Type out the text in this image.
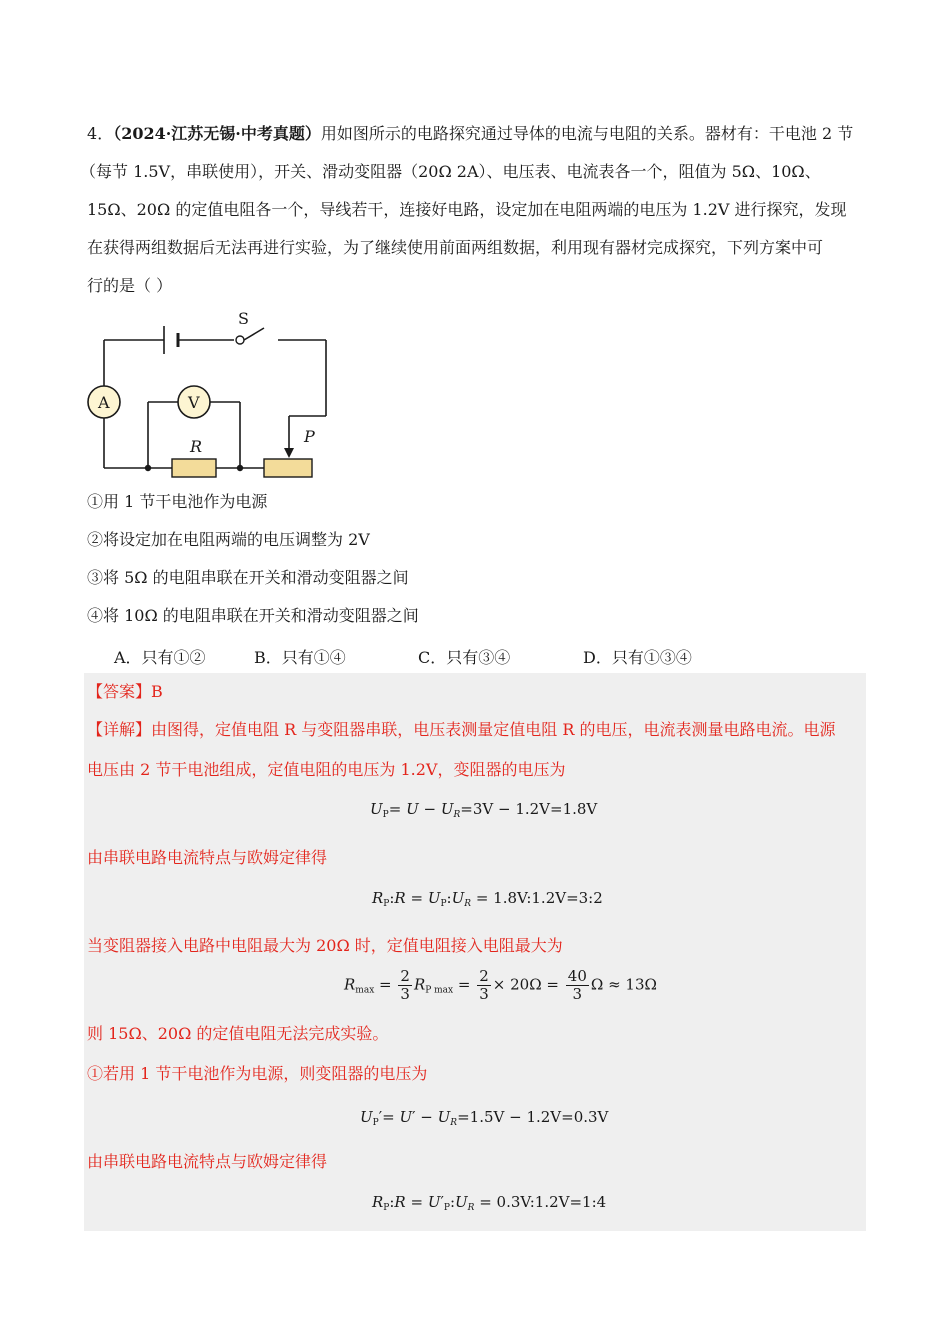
4．（2024·江苏无锡·中考真题）用如图所示的电路探究通过导体的电流与电阻的关系。器材有：干电池 2 节
（每节 1.5V，串联使用），开关、滑动变阻器（20Ω 2A）、电压表、电流表各一个，阻值为 5Ω、10Ω、
15Ω、20Ω 的定值电阻各一个，导线若干，连接好电路，设定加在电阻两端的电压为 1.2V 进行探究，发现
在获得两组数据后无法再进行实验，为了继续使用前面两组数据，利用现有器材完成探究，下列方案中可
行的是（ ）
S
A	V
R
P
①用 1 节干电池作为电源
②将设定加在电阻两端的电压调整为 2V
③将 5Ω 的电阻串联在开关和滑动变阻器之间
④将 10Ω 的电阻串联在开关和滑动变阻器之间
A．只有①②	B．只有①④	C．只有③④	D．只有①③④
【答案】B
【详解】由图得，定值电阻 R 与变阻器串联，电压表测量定值电阻 R 的电压，电流表测量电路电流。电源
电压由 2 节干电池组成，定值电阻的电压为 1.2V，变阻器的电压为
$U_P= U - U_R=3V - 1.2V=1.8V$
由串联电路电流特点与欧姆定律得
$R_P:R$ = $U_P:U_R$ = 1.8V:1.2V=3:2
当变阻器接入电路中电阻最大为 20Ω 时，定值电阻接入电阻最大为
$R_{max} = \frac{2}{3} R_{P max} = \frac{2}{3} \times 20\Omega = \frac{40}{3}$ Ω ≈ 13Ω
则 15Ω、20Ω 的定值电阻无法完成实验。
①若用 1 节干电池作为电源，则变阻器的电压为
$U_P'= U' - U_R=1.5V - 1.2V=0.3V$
由串联电路电流特点与欧姆定律得
$R_P:R$ = $U'_P:U_R$ = 0.3V:1.2V=1:4
